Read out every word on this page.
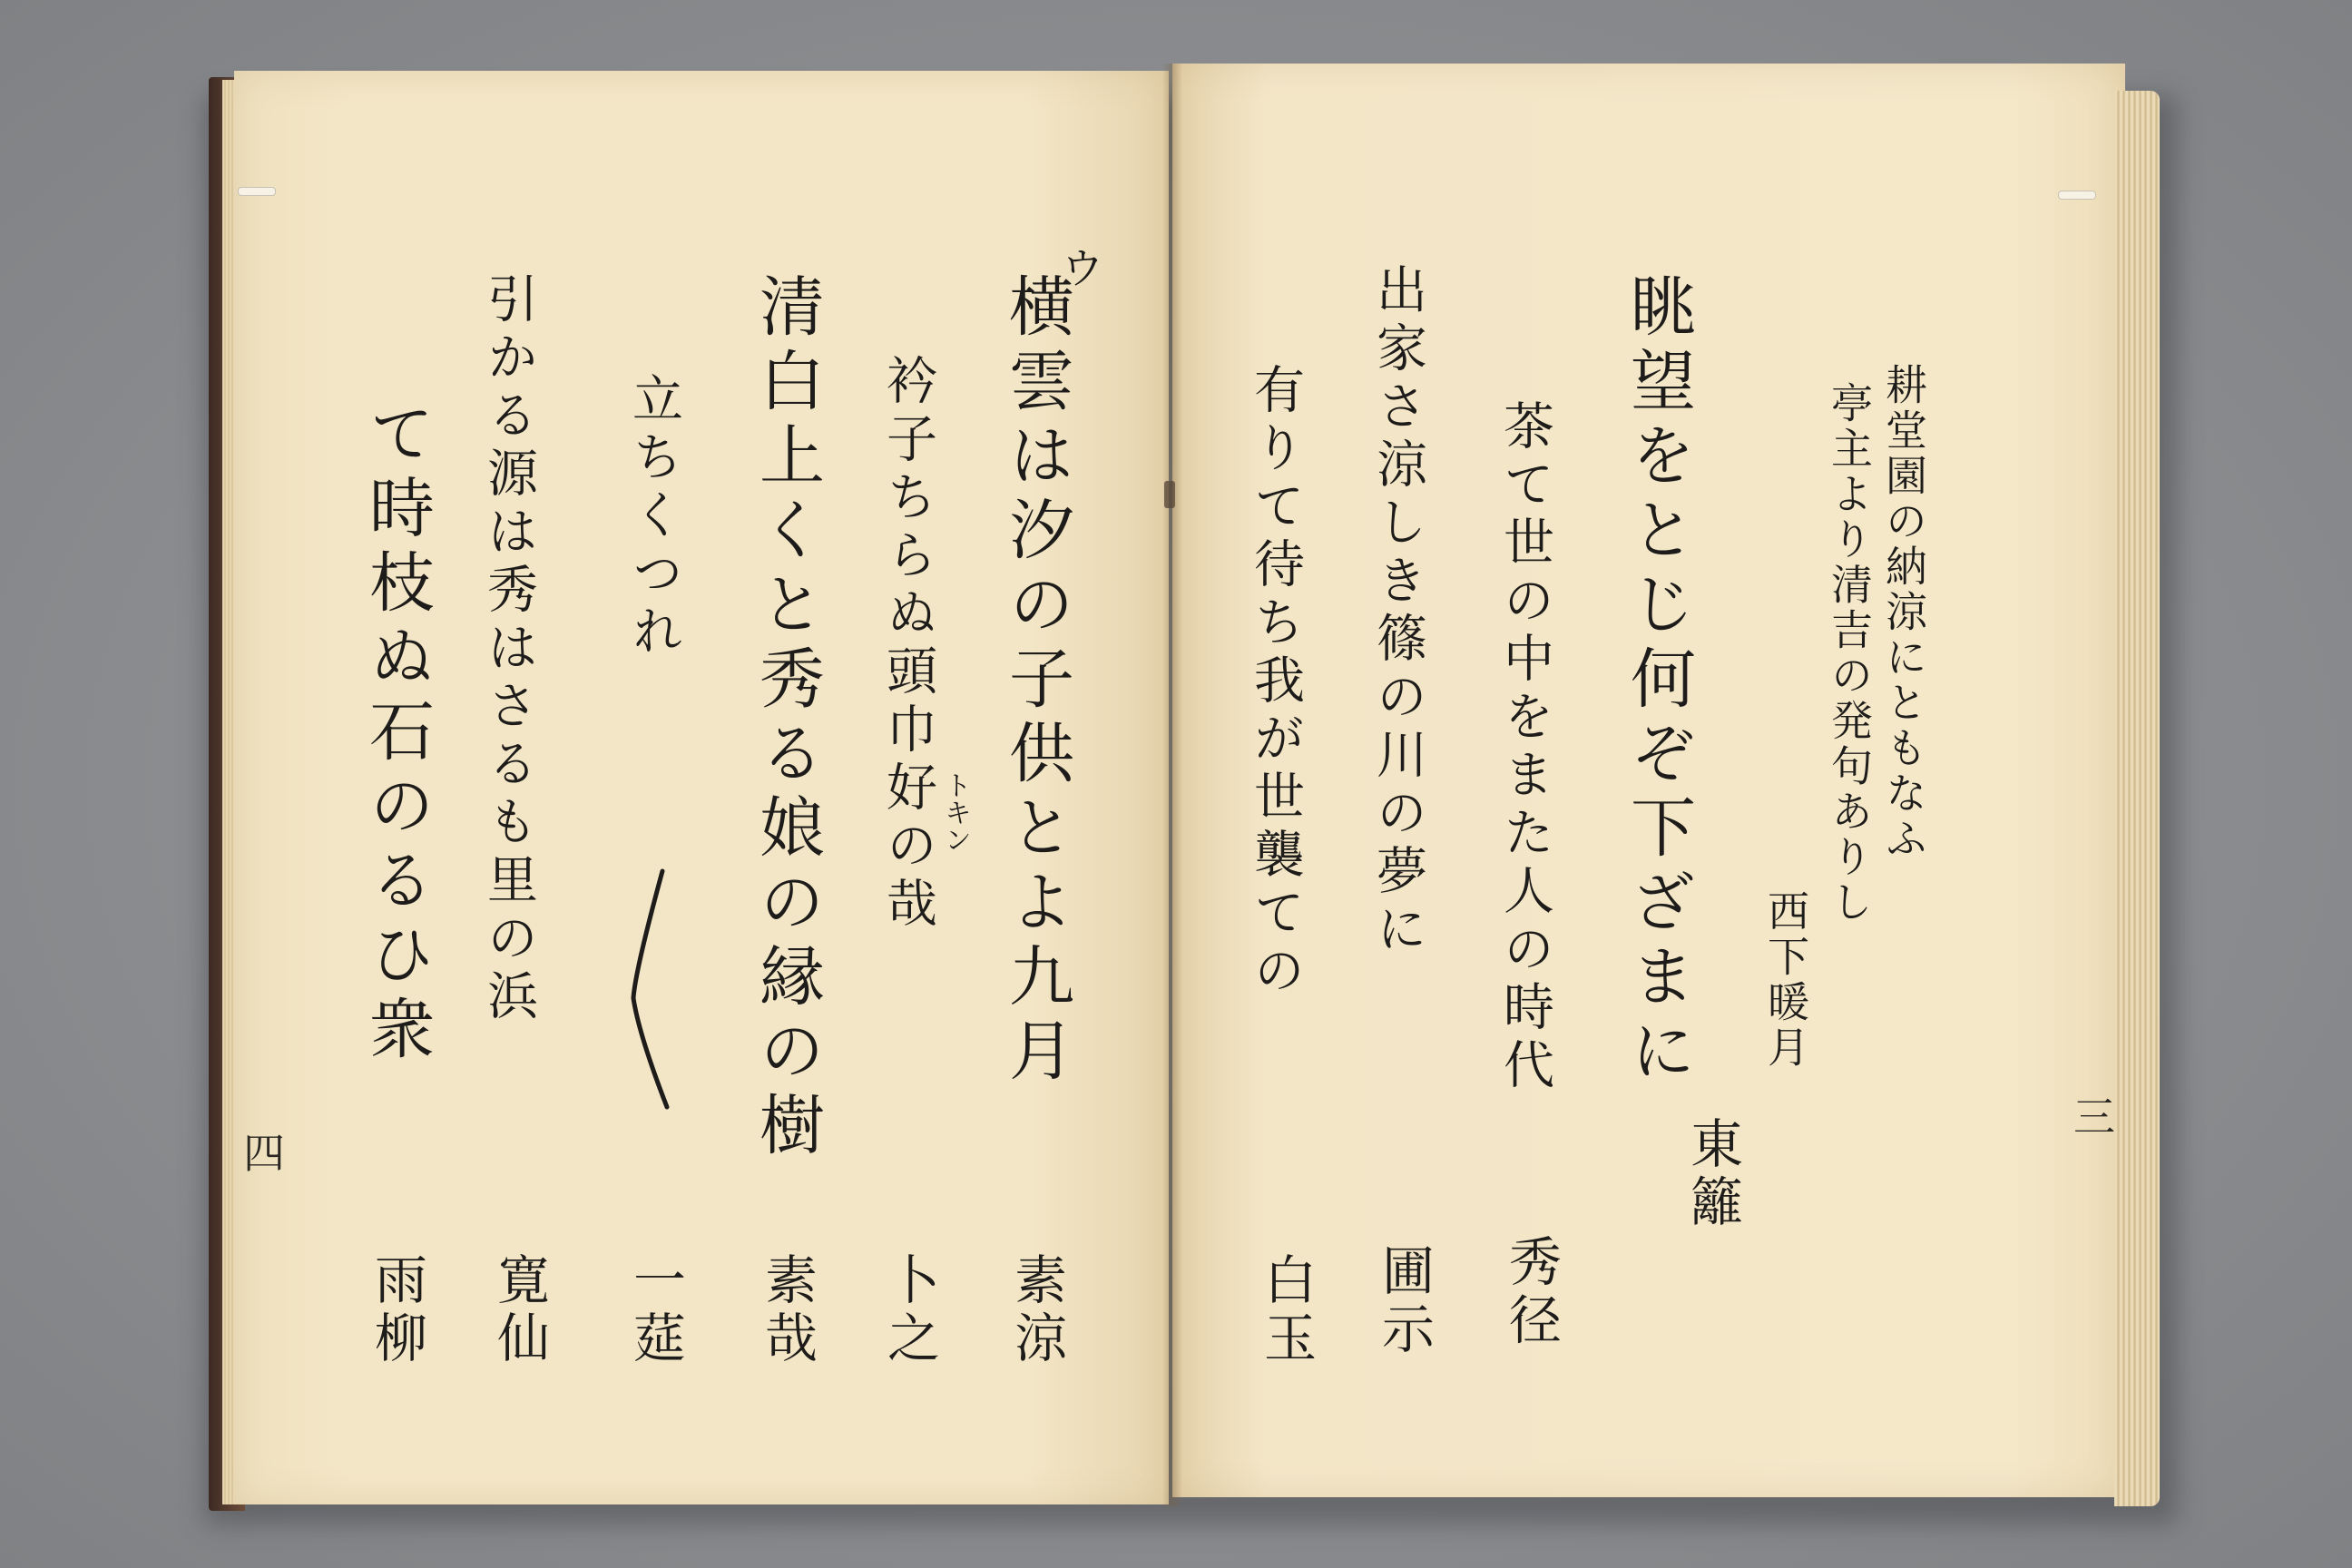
耕堂園の納涼にともなふ
亭主より清吉の発句ありし
西下暖月
眺望をとじ何ぞ下ざまに
東籬
茶て世の中をまた人の時代
秀径
出家さ涼しき篠の川の夢に
圃示
有りて待ち我が世襲ての
白玉
三
ウ
横雲は汐の子供とよ九月
素涼
衿子ちらぬ頭巾好の哉 トキン
卜之
清白上くと秀る娘の縁の樹
素哉
立ちくつれ
一莚
引かる源は秀はさるも里の浜
寛仙
て時枝ぬ石のるひ衆
雨柳
四
